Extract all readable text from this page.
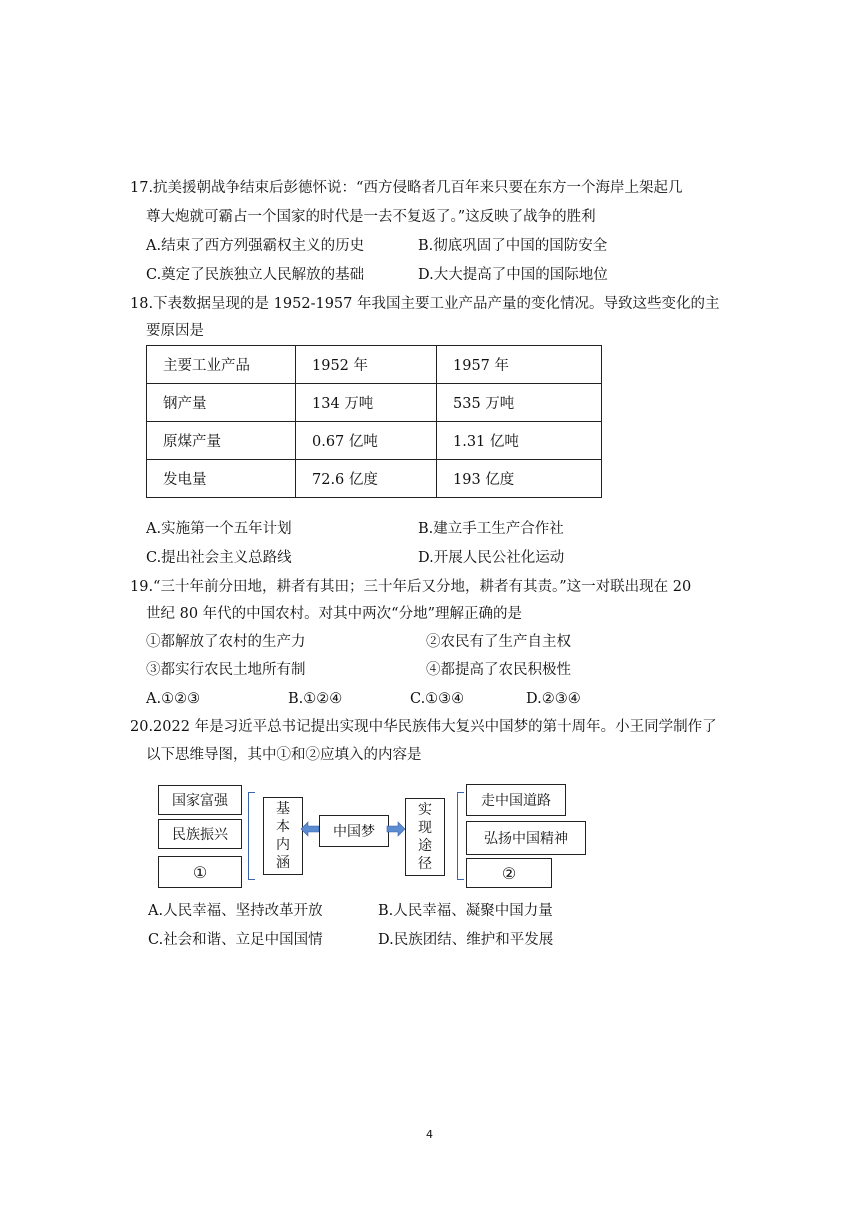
17.抗美援朝战争结束后彭德怀说：“西方侵略者几百年来只要在东方一个海岸上架起几
尊大炮就可霸占一个国家的时代是一去不复返了。”这反映了战争的胜利
A.结束了西方列强霸权主义的历史	B.彻底巩固了中国的国防安全
C.奠定了民族独立人民解放的基础	D.大大提高了中国的国际地位
18.下表数据呈现的是 1952-1957 年我国主要工业产品产量的变化情况。导致这些变化的主
要原因是
主要工业产品	1952 年	1957 年
钢产量	134 万吨	535 万吨
原煤产量	0.67 亿吨	1.31 亿吨
发电量	72.6 亿度	193 亿度
A.实施第一个五年计划	B.建立手工生产合作社
C.提出社会主义总路线	D.开展人民公社化运动
19.“三十年前分田地，耕者有其田；三十年后又分地，耕者有其责。”这一对联出现在 20
世纪 80 年代的中国农村。对其中两次“分地”理解正确的是
①都解放了农村的生产力	②农民有了生产自主权
③都实行农民土地所有制	④都提高了农民积极性
A.①②③	B.①②④	C.①③④	D.②③④
20.2022 年是习近平总书记提出实现中华民族伟大复兴中国梦的第十周年。小王同学制作了
以下思维导图，其中①和②应填入的内容是
国家富强
民族振兴
①
基
本
内
涵
中国梦
实
现
途
径
走中国道路
弘扬中国精神
②
A.人民幸福、坚持改革开放	B.人民幸福、凝聚中国力量
C.社会和谐、立足中国国情	D.民族团结、维护和平发展
4
